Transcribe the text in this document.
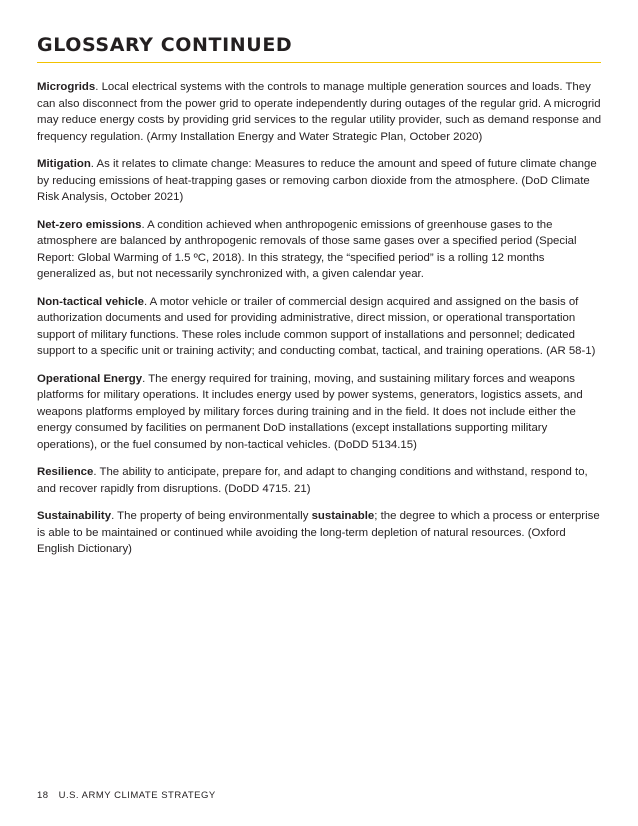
GLOSSARY CONTINUED

Microgrids. Local electrical systems with the controls to manage multiple generation sources and loads. They can also disconnect from the power grid to operate independently during outages of the regular grid. A microgrid may reduce energy costs by providing grid services to the regular utility provider, such as demand response and frequency regulation. (Army Installation Energy and Water Strategic Plan, October 2020)

Mitigation. As it relates to climate change: Measures to reduce the amount and speed of future climate change by reducing emissions of heat-trapping gases or removing carbon dioxide from the atmosphere. (DoD Climate Risk Analysis, October 2021)

Net-zero emissions. A condition achieved when anthropogenic emissions of greenhouse gases to the atmosphere are balanced by anthropogenic removals of those same gases over a specified period (Special Report: Global Warming of 1.5 ºC, 2018). In this strategy, the “specified period” is a rolling 12 months generalized as, but not necessarily synchronized with, a given calendar year.

Non-tactical vehicle. A motor vehicle or trailer of commercial design acquired and assigned on the basis of authorization documents and used for providing administrative, direct mission, or operational transportation support of military functions. These roles include common support of installations and personnel; dedicated support to a specific unit or training activity; and conducting combat, tactical, and training operations. (AR 58-1)

Operational Energy. The energy required for training, moving, and sustaining military forces and weapons platforms for military operations. It includes energy used by power systems, generators, logistics assets, and weapons platforms employed by military forces during training and in the field. It does not include either the energy consumed by facilities on permanent DoD installations (except installations supporting military operations), or the fuel consumed by non-tactical vehicles. (DoDD 5134.15)

Resilience. The ability to anticipate, prepare for, and adapt to changing conditions and withstand, respond to, and recover rapidly from disruptions. (DoDD 4715. 21)

Sustainability. The property of being environmentally sustainable; the degree to which a process or enterprise is able to be maintained or continued while avoiding the long-term depletion of natural resources. (Oxford English Dictionary)

18 U.S. ARMY CLIMATE STRATEGY
